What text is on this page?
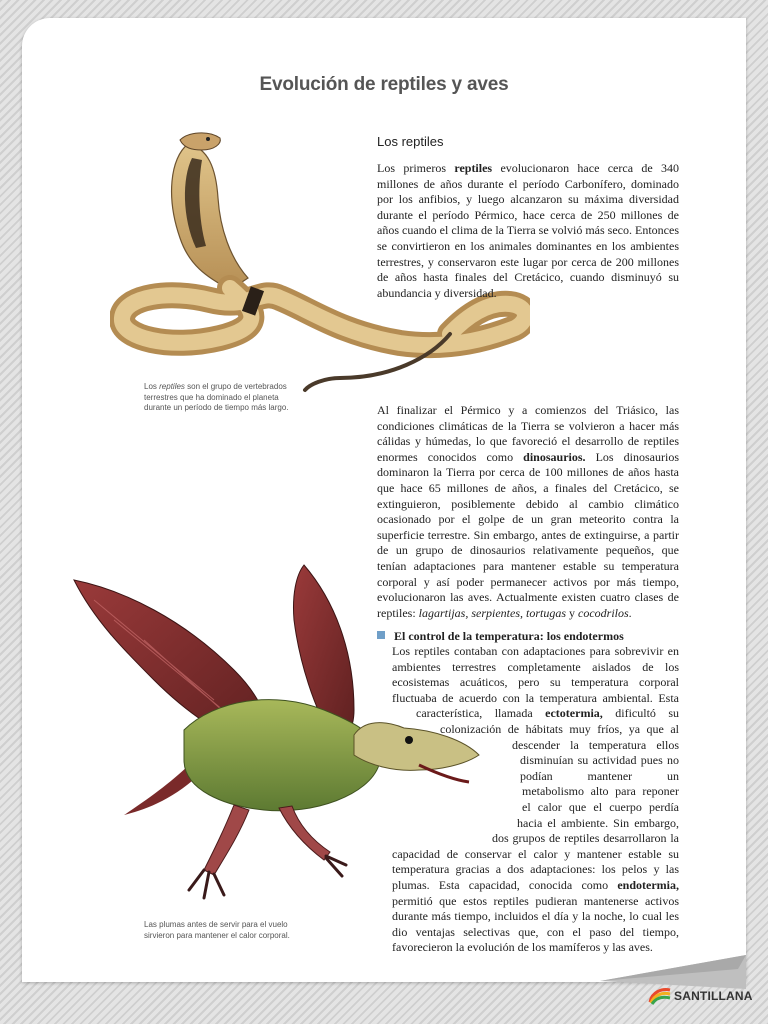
Evolución de reptiles y aves
Los reptiles

Los primeros reptiles evolucionaron hace cerca de 340 millones de años durante el período Carbonífero, dominado por los anfibios, y luego alcanzaron su máxima diversidad durante el período Pérmico, hace cerca de 250 millones de años cuando el clima de la Tierra se volvió más seco. Entonces se convirtieron en los animales dominantes en los ambientes terrestres, y conservaron este lugar por cerca de 200 millones de años hasta finales del Cretácico, cuando disminuyó su abundancia y diversidad.

Los reptiles son el grupo de vertebrados terrestres que ha dominado el planeta durante un período de tiempo más largo.	Al finalizar el Pérmico y a comienzos del Triásico, las condiciones climáticas de la Tierra se volvieron a hacer más cálidas y húmedas, lo que favoreció el desarrollo de reptiles enormes conocidos como dinosaurios. Los dinosaurios dominaron la Tierra por cerca de 100 millones de años hasta que hace 65 millones de años, a finales del Cretácico, se extinguieron, posiblemente debido al cambio climático ocasionado por el golpe de un gran meteorito contra la superficie terrestre. Sin embargo, antes de extinguirse, a partir de un grupo de dinosaurios relativamente pequeños, que tenían adaptaciones para mantener estable su temperatura corporal y así poder permanecer activos por más tiempo, evolucionaron las aves. Actualmente existen cuatro clases de reptiles: lagartijas, serpientes, tortugas y cocodrilos.

Las plumas antes de servir para el vuelo sirvieron para mantener el calor corporal.

El control de la temperatura: los endotermos
Los reptiles contaban con adaptaciones para sobrevivir en ambientes terrestres completamente aislados de los ecosistemas acuáticos, pero su temperatura corporal fluctuaba de acuerdo con la temperatura ambiental. Esta característica, llamada ectotermia, dificultó su colonización de hábitats muy fríos, ya que al descender la temperatura ellos disminuían su actividad pues no podían mantener un metabolismo alto para reponer el calor que el cuerpo perdía hacia el ambiente. Sin embargo, dos grupos de reptiles desarrollaron la capacidad de conservar el calor y mantener estable su temperatura gracias a dos adaptaciones: los pelos y las plumas. Esta capacidad, conocida como endotermia, permitió que estos reptiles pudieran mantenerse activos durante más tiempo, incluidos el día y la noche, lo cual les dio ventajas selectivas que, con el paso del tiempo, favorecieron la evolución de los mamíferos y las aves.
SANTILLANA
